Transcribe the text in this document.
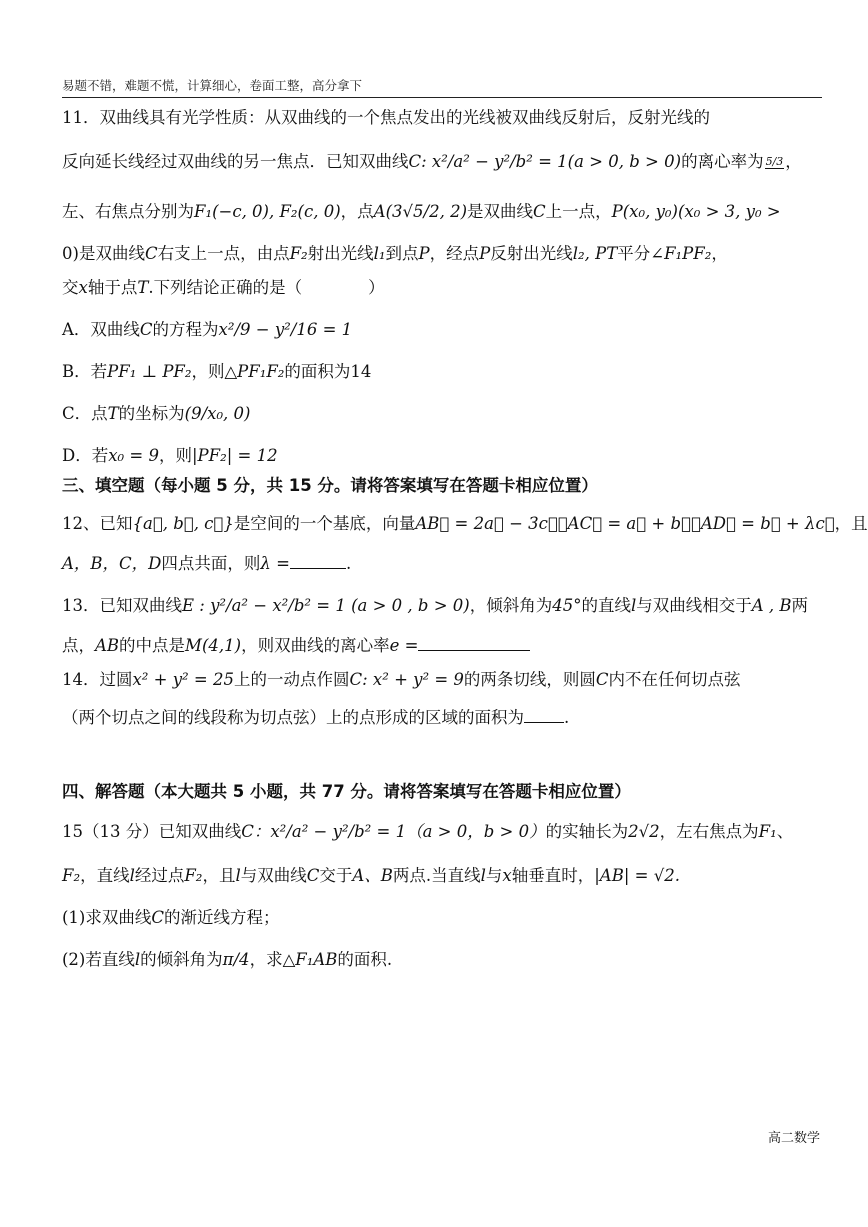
易题不错，难题不慌，计算细心，卷面工整，高分拿下
11．双曲线具有光学性质：从双曲线的一个焦点发出的光线被双曲线反射后，反射光线的
反向延长线经过双曲线的另一焦点．已知双曲线C: x²/a² − y²/b² = 1(a > 0, b > 0)的离心率为 5/3 ，
左、右焦点分别为F₁(−c, 0), F₂(c, 0)，点A(3√5/2, 2)是双曲线C上一点，P(x₀, y₀)(x₀ > 3, y₀ >
0)是双曲线C右支上一点，由点F₂射出光线l₁到点P，经点P反射出光线l₂, PT平分∠F₁PF₂，
交x轴于点T.下列结论正确的是（　　　　）
A．双曲线C的方程为x²/9 − y²/16 = 1
B．若PF₁ ⊥ PF₂，则△PF₁F₂的面积为14
C．点T的坐标为(9/x₀, 0)
D．若x₀ = 9，则|PF₂| = 12
三、填空题（每小题 5 分，共 15 分。请将答案填写在答题卡相应位置）
12、已知{a⃗, b⃗, c⃗}是空间的一个基底，向量AB⃗ = 2a⃗ − 3c⃗，AC⃗ = a⃗ + b⃗，AD⃗ = b⃗ + λc⃗，且
A，B，C，D四点共面，则λ =	.
13．已知双曲线E : y²/a² − x²/b² = 1 (a > 0 , b > 0)，倾斜角为45°的直线l与双曲线相交于A , B两
点，AB的中点是M(4,1)，则双曲线的离心率e =
14．过圆x² + y² = 25上的一动点作圆C: x² + y² = 9的两条切线，则圆C内不在任何切点弦
（两个切点之间的线段称为切点弦）上的点形成的区域的面积为 .
四、解答题（本大题共 5 小题，共 77 分。请将答案填写在答题卡相应位置）
15（13 分）已知双曲线C：x²/a² − y²/b² = 1（a > 0，b > 0）的实轴长为2√2，左右焦点为F₁、
F₂，直线l经过点F₂，且l与双曲线C交于A、B两点.当直线l与x轴垂直时，|AB| = √2.
(1)求双曲线C的渐近线方程；
(2)若直线l的倾斜角为π/4，求△F₁AB的面积.
高二数学
